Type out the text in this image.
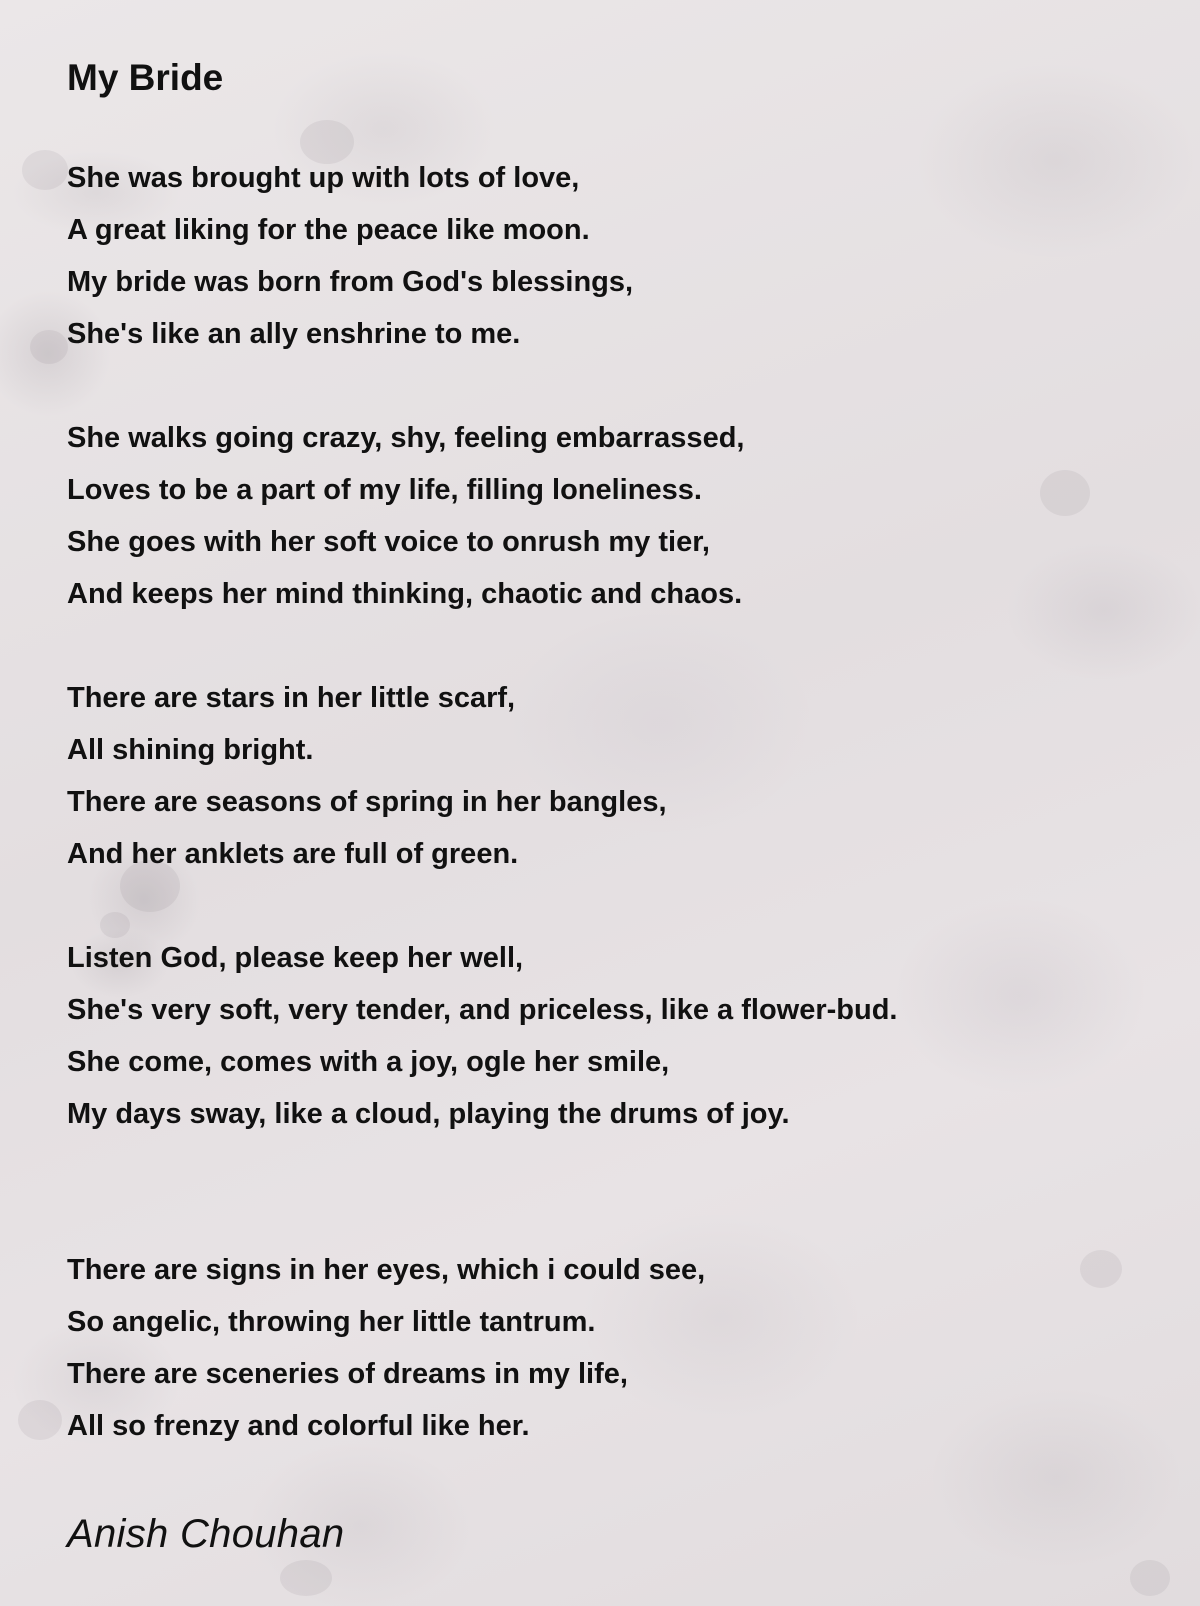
My Bride
She was brought up with lots of love,
A great liking for the peace like moon.
My bride was born from God's blessings,
She's like an ally enshrine to me.
She walks going crazy, shy, feeling embarrassed,
Loves to be a part of my life, filling loneliness.
She goes with her soft voice to onrush my tier,
And keeps her mind thinking, chaotic and chaos.
There are stars in her little scarf,
All shining bright.
There are seasons of spring in her bangles,
And her anklets are full of green.
Listen God, please keep her well,
She's very soft, very tender, and priceless, like a flower-bud.
She come, comes with a joy, ogle her smile,
My days sway, like a cloud, playing the drums of joy.
There are signs in her eyes, which i could see,
So angelic, throwing her little tantrum.
There are sceneries of dreams in my life,
All so frenzy and colorful like her.
Anish Chouhan
